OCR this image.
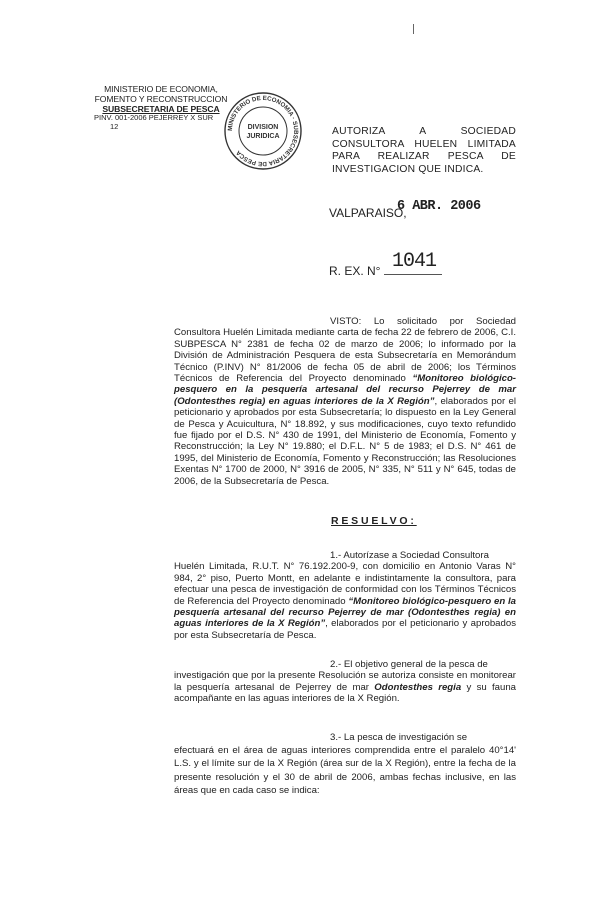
MINISTERIO DE ECONOMIA,
FOMENTO Y RECONSTRUCCION
SUBSECRETARIA DE PESCA
PINV. 001-2006 PEJERREY X SUR
12	MINISTERIO DE ECONOMIA · SUBSECRETARIA DE PESCA
DIVISION
JURIDICA	AUTORIZA A SOCIEDAD
CONSULTORA HUELEN LIMITADA
PARA REALIZAR PESCA DE
INVESTIGACION QUE INDICA.
VALPARAISO,
6 ABR. 2006
R. EX. N° 1041
VISTO: Lo solicitado por Sociedad Consultora Huelén Limitada mediante carta de fecha 22 de febrero de 2006, C.I. SUBPESCA N° 2381 de fecha 02 de marzo de 2006; lo informado por la División de Administración Pesquera de esta Subsecretaría en Memorándum Técnico (P.INV) N° 81/2006 de fecha 05 de abril de 2006; los Términos Técnicos de Referencia del Proyecto denominado “Monitoreo biológico-pesquero en la pesquería artesanal del recurso Pejerrey de mar (Odontesthes regia) en aguas interiores de la X Región”, elaborados por el peticionario y aprobados por esta Subsecretaría; lo dispuesto en la Ley General de Pesca y Acuicultura, N° 18.892, y sus modificaciones, cuyo texto refundido fue fijado por el D.S. N° 430 de 1991, del Ministerio de Economía, Fomento y Reconstrucción; la Ley N° 19.880; el D.F.L. N° 5 de 1983; el D.S. N° 461 de 1995, del Ministerio de Economía, Fomento y Reconstrucción; las Resoluciones Exentas N° 1700 de 2000, N° 3916 de 2005, N° 335, N° 511 y N° 645, todas de 2006, de la Subsecretaría de Pesca.
RESUELVO:
1.- Autorízase a Sociedad Consultora
Huelén Limitada, R.U.T. N° 76.192.200-9, con domicilio en Antonio Varas N° 984, 2° piso, Puerto Montt, en adelante e indistintamente la consultora, para efectuar una pesca de investigación de conformidad con los Términos Técnicos de Referencia del Proyecto denominado “Monitoreo biológico-pesquero en la pesquería artesanal del recurso Pejerrey de mar (Odontesthes regia) en aguas interiores de la X Región”, elaborados por el peticionario y aprobados por esta Subsecretaría de Pesca.
2.- El objetivo general de la pesca de
investigación que por la presente Resolución se autoriza consiste en monitorear la pesquería artesanal de Pejerrey de mar Odontesthes regia y su fauna acompañante en las aguas interiores de la X Región.
3.- La pesca de investigación se
efectuará en el área de aguas interiores comprendida entre el paralelo 40°14' L.S. y el límite sur de la X Región (área sur de la X Región), entre la fecha de la presente resolución y el 30 de abril de 2006, ambas fechas inclusive, en las áreas que en cada caso se indica:
